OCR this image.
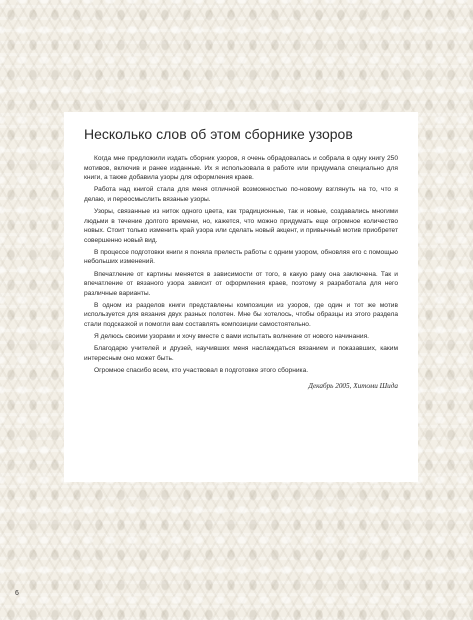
Несколько слов об этом сборнике узоров

Когда мне предложили издать сборник узоров, я очень обрадовалась и собрала в одну книгу 250 мотивов, включив и ранее изданные. Их я использовала в работе или придумала специально для книги, а также добавила узоры для оформления краев.

Работа над книгой стала для меня отличной возможностью по-новому взглянуть на то, что я делаю, и переосмыслить вязаные узоры.

Узоры, связанные из ниток одного цвета, как традиционные, так и новые, создавались многими людьми в течение долгого времени, но, кажется, что можно придумать еще огромное количество новых. Стоит только изменить край узора или сделать новый акцент, и привычный мотив приобретет совершенно новый вид.

В процессе подготовки книги я поняла прелесть работы с одним узором, обновляя его с помощью небольших изменений.

Впечатление от картины меняется в зависимости от того, в какую раму она заключена. Так и впечатление от вязаного узора зависит от оформления краев, поэтому я разработала для него различные варианты.

В одном из разделов книги представлены композиции из узоров, где один и тот же мотив используется для вязания двух разных полотен. Мне бы хотелось, чтобы образцы из этого раздела стали подсказкой и помогли вам составлять композиции самостоятельно.

Я делюсь своими узорами и хочу вместе с вами испытать волнение от нового начинания.

Благодарю учителей и друзей, научивших меня наслаждаться вязанием и показавших, каким интересным оно может быть.

Огромное спасибо всем, кто участвовал в подготовке этого сборника.

Декабрь 2005, Хитоми Шида

6
